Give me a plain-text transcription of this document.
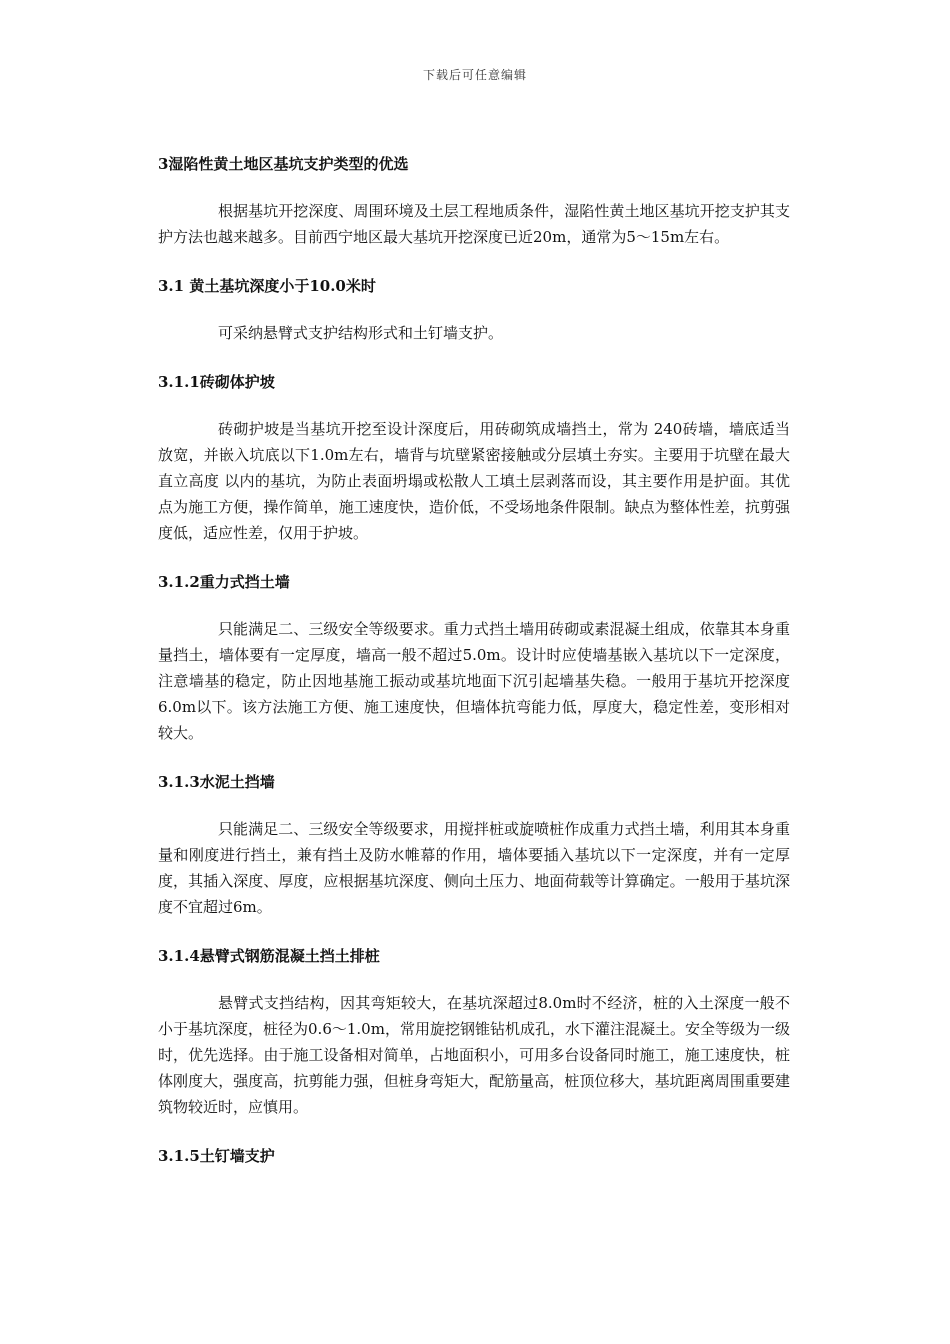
下载后可任意编辑

3湿陷性黄土地区基坑支护类型的优选

根据基坑开挖深度、周围环境及土层工程地质条件，湿陷性黄土地区基坑开挖支护其支护方法也越来越多。目前西宁地区最大基坑开挖深度已近20m，通常为5～15m左右。

3.1 黄土基坑深度小于10.0米时

可采纳悬臂式支护结构形式和土钉墙支护。

3.1.1砖砌体护坡

砖砌护坡是当基坑开挖至设计深度后，用砖砌筑成墙挡土，常为 240砖墙，墙底适当放宽，并嵌入坑底以下1.0m左右，墙背与坑壁紧密接触或分层填土夯实。主要用于坑壁在最大直立高度 以内的基坑，为防止表面坍塌或松散人工填土层剥落而设，其主要作用是护面。其优点为施工方便，操作简单，施工速度快，造价低，不受场地条件限制。缺点为整体性差，抗剪强度低，适应性差，仅用于护坡。

3.1.2重力式挡土墙

只能满足二、三级安全等级要求。重力式挡土墙用砖砌或素混凝土组成，依靠其本身重量挡土，墙体要有一定厚度，墙高一般不超过5.0m。设计时应使墙基嵌入基坑以下一定深度，注意墙基的稳定，防止因地基施工振动或基坑地面下沉引起墙基失稳。一般用于基坑开挖深度6.0m以下。该方法施工方便、施工速度快，但墙体抗弯能力低，厚度大，稳定性差，变形相对较大。

3.1.3水泥土挡墙

只能满足二、三级安全等级要求，用搅拌桩或旋喷桩作成重力式挡土墙，利用其本身重量和刚度进行挡土，兼有挡土及防水帷幕的作用，墙体要插入基坑以下一定深度，并有一定厚度，其插入深度、厚度，应根据基坑深度、侧向土压力、地面荷载等计算确定。一般用于基坑深度不宜超过6m。

3.1.4悬臂式钢筋混凝土挡土排桩

悬臂式支挡结构，因其弯矩较大，在基坑深超过8.0m时不经济，桩的入土深度一般不小于基坑深度，桩径为0.6～1.0m，常用旋挖钢锥钻机成孔，水下灌注混凝土。安全等级为一级时，优先选择。由于施工设备相对简单，占地面积小，可用多台设备同时施工，施工速度快，桩体刚度大，强度高，抗剪能力强，但桩身弯矩大，配筋量高，桩顶位移大，基坑距离周围重要建筑物较近时，应慎用。

3.1.5土钉墙支护
